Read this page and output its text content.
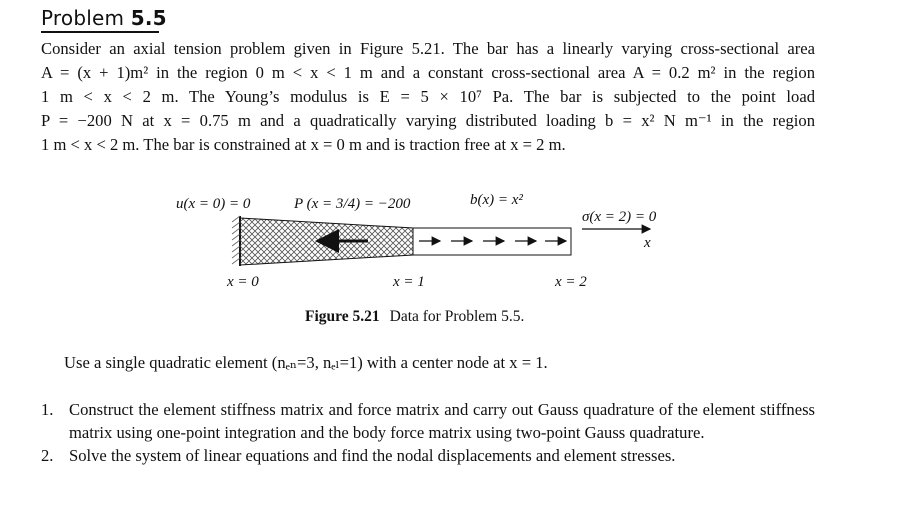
Problem 5.5
Consider an axial tension problem given in Figure 5.21. The bar has a linearly varying cross-sectional area
A = (x + 1)m² in the region 0 m < x < 1 m and a constant cross-sectional area A = 0.2 m² in the region
1 m < x < 2 m. The Young’s modulus is E = 5 × 10⁷ Pa. The bar is subjected to the point load
P = −200 N at x = 0.75 m and a quadratically varying distributed loading b = x² N m⁻¹ in the region
1 m < x < 2 m. The bar is constrained at x = 0 m and is traction free at x = 2 m.
u(x = 0) = 0	P (x = 3/4) = −200	b(x) = x²
σ(x = 2) = 0
x
x = 0	x = 1	x = 2
Figure 5.21 Data for Problem 5.5.
Use a single quadratic element (nₑₙ=3, nₑₗ=1) with a center node at x = 1.
1. Construct the element stiffness matrix and force matrix and carry out Gauss quadrature of the element stiffness matrix using one-point integration and the body force matrix using two-point Gauss quadrature.
2. Solve the system of linear equations and find the nodal displacements and element stresses.
